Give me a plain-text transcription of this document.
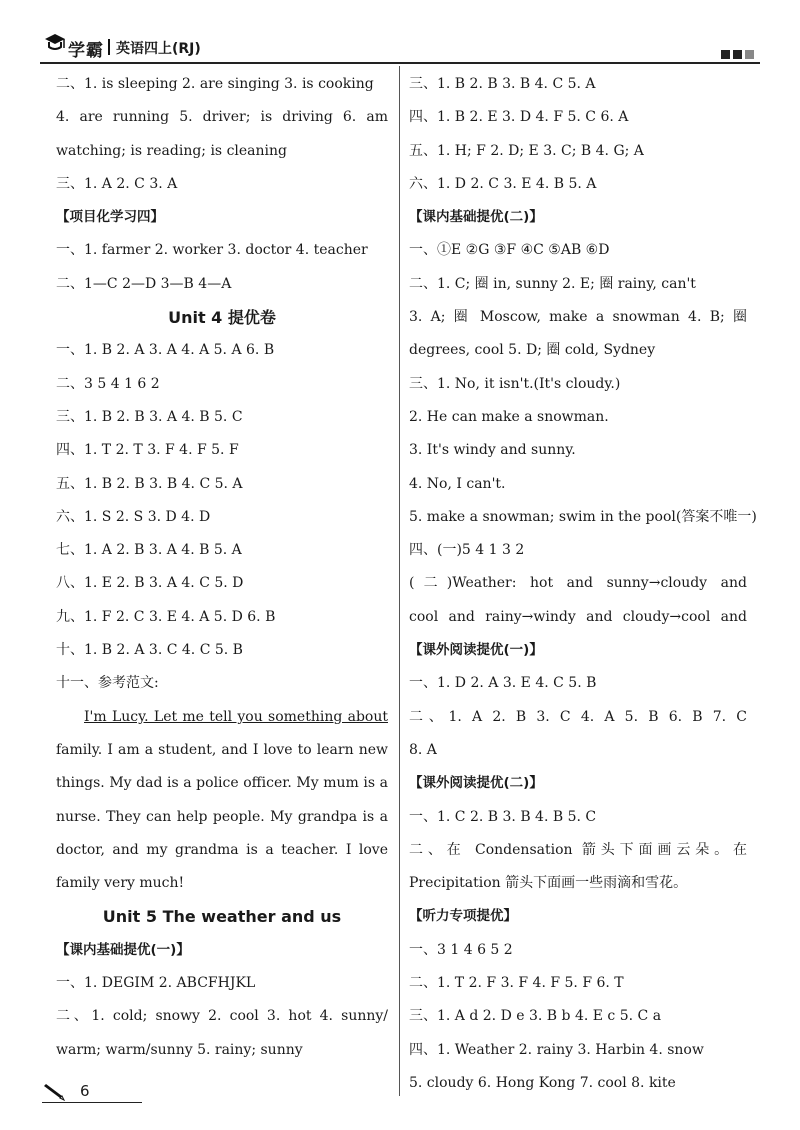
学霸 英语四上(RJ)
二、1. is sleeping 2. are singing 3. is cooking
4. are running 5. driver; is driving 6. am
watching; is reading; is cleaning
三、1. A 2. C 3. A
【项目化学习四】
一、1. farmer 2. worker 3. doctor 4. teacher
二、1—C 2—D 3—B 4—A
Unit 4 提优卷
一、1. B 2. A 3. A 4. A 5. A 6. B
二、3 5 4 1 6 2
三、1. B 2. B 3. A 4. B 5. C
四、1. T 2. T 3. F 4. F 5. F
五、1. B 2. B 3. B 4. C 5. A
六、1. S 2. S 3. D 4. D
七、1. A 2. B 3. A 4. B 5. A
八、1. E 2. B 3. A 4. C 5. D
九、1. F 2. C 3. E 4. A 5. D 6. B
十、1. B 2. A 3. C 4. C 5. B
十一、参考范文:
I'm Lucy. Let me tell you something about
family. I am a student, and I love to learn new
things. My dad is a police officer. My mum is a
nurse. They can help people. My grandpa is a
doctor, and my grandma is a teacher. I love
family very much!
Unit 5 The weather and us
【课内基础提优(一)】
一、1. DEGIM 2. ABCFHJKL
二、1. cold; snowy 2. cool 3. hot 4. sunny/
warm; warm/sunny 5. rainy; sunny
三、1. B 2. B 3. B 4. C 5. A
四、1. B 2. E 3. D 4. F 5. C 6. A
五、1. H; F 2. D; E 3. C; B 4. G; A
六、1. D 2. C 3. E 4. B 5. A
【课内基础提优(二)】
一、①E ②G ③F ④C ⑤AB ⑥D
二、1. C; 圈 in, sunny 2. E; 圈 rainy, can't
3. A; 圈 Moscow, make a snowman 4. B; 圈
degrees, cool 5. D; 圈 cold, Sydney
三、1. No, it isn't.(It's cloudy.)
2. He can make a snowman.
3. It's windy and sunny.
4. No, I can't.
5. make a snowman; swim in the pool(答案不唯一)
四、(一)5 4 1 3 2
(二)Weather: hot and sunny→cloudy and
cool and rainy→windy and cloudy→cool and
【课外阅读提优(一)】
一、1. D 2. A 3. E 4. C 5. B
二、1. A 2. B 3. C 4. A 5. B 6. B 7. C
8. A
【课外阅读提优(二)】
一、1. C 2. B 3. B 4. B 5. C
二、在 Condensation 箭头下面画云朵。在
Precipitation 箭头下面画一些雨滴和雪花。
【听力专项提优】
一、3 1 4 6 5 2
二、1. T 2. F 3. F 4. F 5. F 6. T
三、1. A d 2. D e 3. B b 4. E c 5. C a
四、1. Weather 2. rainy 3. Harbin 4. snow
5. cloudy 6. Hong Kong 7. cool 8. kite
6
